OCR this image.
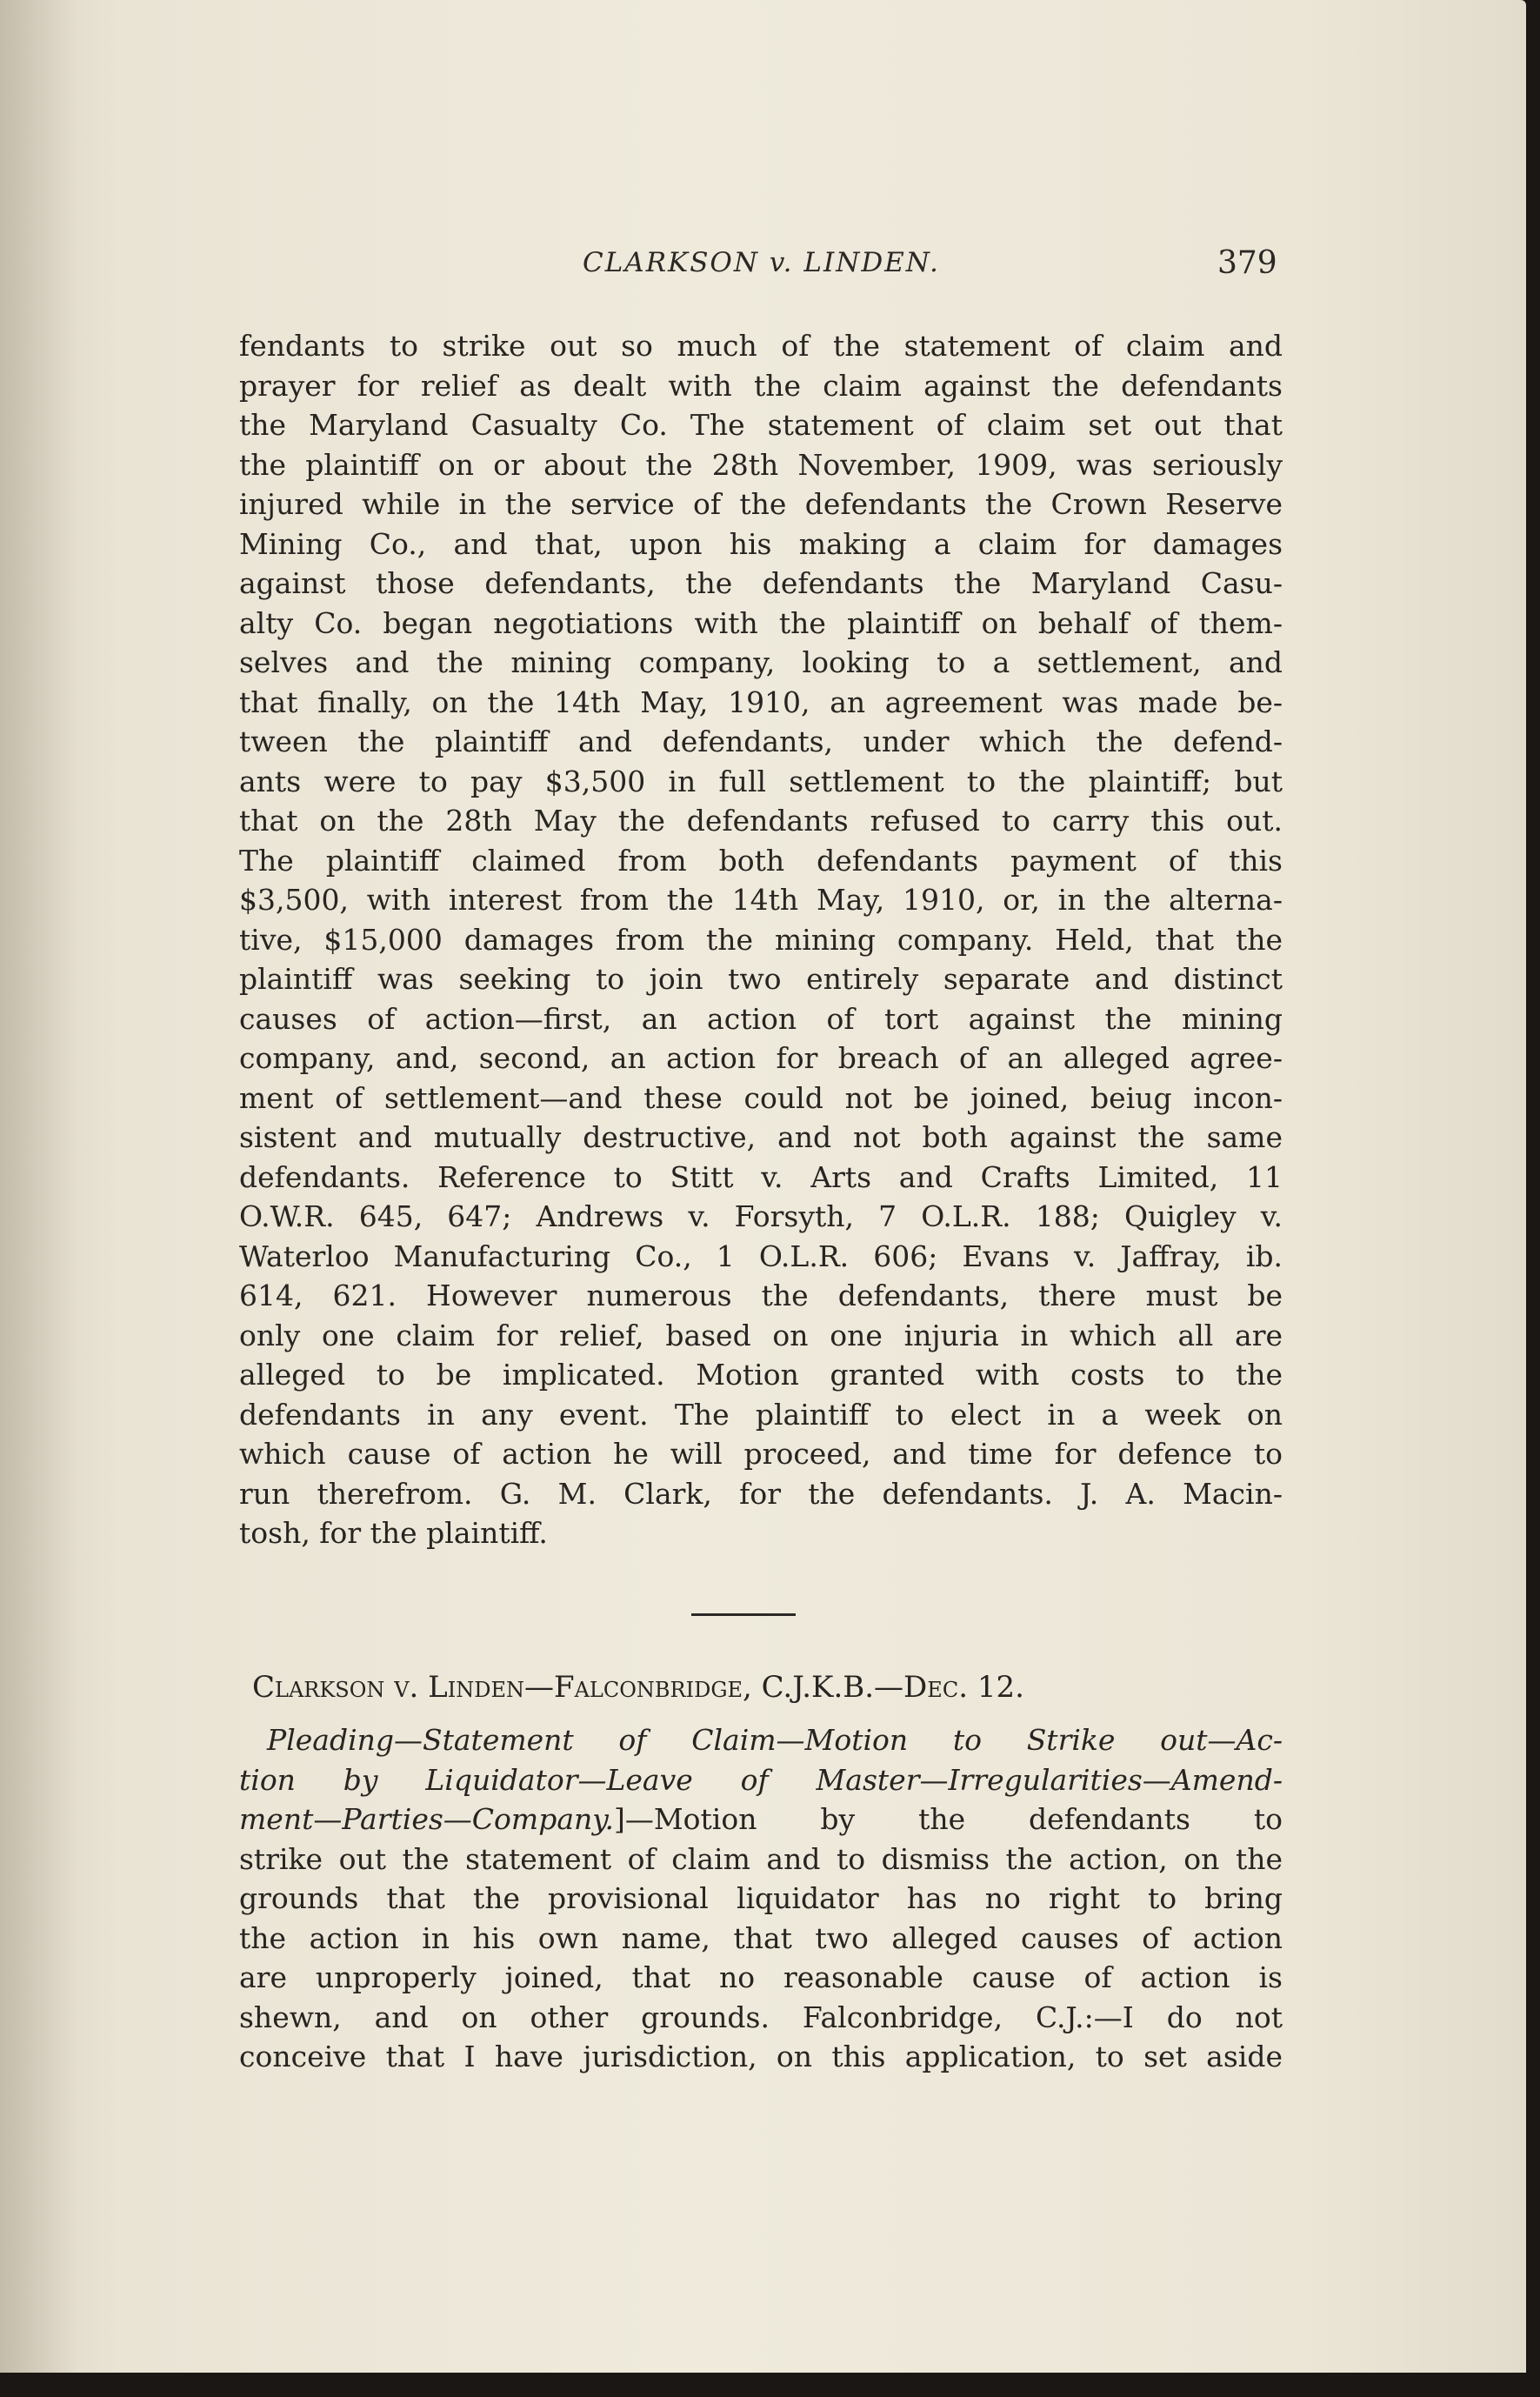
CLARKSON v. LINDEN.	379
fendants to strike out so much of the statement of claim and
prayer for relief as dealt with the claim against the defendants
the Maryland Casualty Co. The statement of claim set out that
the plaintiff on or about the 28th November, 1909, was seriously
injured while in the service of the defendants the Crown Reserve
Mining Co., and that, upon his making a claim for damages
against those defendants, the defendants the Maryland Casu-
alty Co. began negotiations with the plaintiff on behalf of them-
selves and the mining company, looking to a settlement, and
that finally, on the 14th May, 1910, an agreement was made be-
tween the plaintiff and defendants, under which the defend-
ants were to pay $3,500 in full settlement to the plaintiff; but
that on the 28th May the defendants refused to carry this out.
The plaintiff claimed from both defendants payment of this
$3,500, with interest from the 14th May, 1910, or, in the alterna-
tive, $15,000 damages from the mining company. Held, that the
plaintiff was seeking to join two entirely separate and distinct
causes of action—first, an action of tort against the mining
company, and, second, an action for breach of an alleged agree-
ment of settlement—and these could not be joined, beiug incon-
sistent and mutually destructive, and not both against the same
defendants. Reference to Stitt v. Arts and Crafts Limited, 11
O.W.R. 645, 647; Andrews v. Forsyth, 7 O.L.R. 188; Quigley v.
Waterloo Manufacturing Co., 1 O.L.R. 606; Evans v. Jaffray, ib.
614, 621. However numerous the defendants, there must be
only one claim for relief, based on one injuria in which all are
alleged to be implicated. Motion granted with costs to the
defendants in any event. The plaintiff to elect in a week on
which cause of action he will proceed, and time for defence to
run therefrom. G. M. Clark, for the defendants. J. A. Macin-
tosh, for the plaintiff.
Clarkson v. Linden—Falconbridge, C.J.K.B.—Dec. 12.
Pleading—Statement of Claim—Motion to Strike out—Ac-
tion by Liquidator—Leave of Master—Irregularities—Amend-
ment—Parties—Company.]—Motion by the defendants to
strike out the statement of claim and to dismiss the action, on the
grounds that the provisional liquidator has no right to bring
the action in his own name, that two alleged causes of action
are unproperly joined, that no reasonable cause of action is
shewn, and on other grounds. Falconbridge, C.J.:—I do not
conceive that I have jurisdiction, on this application, to set aside
